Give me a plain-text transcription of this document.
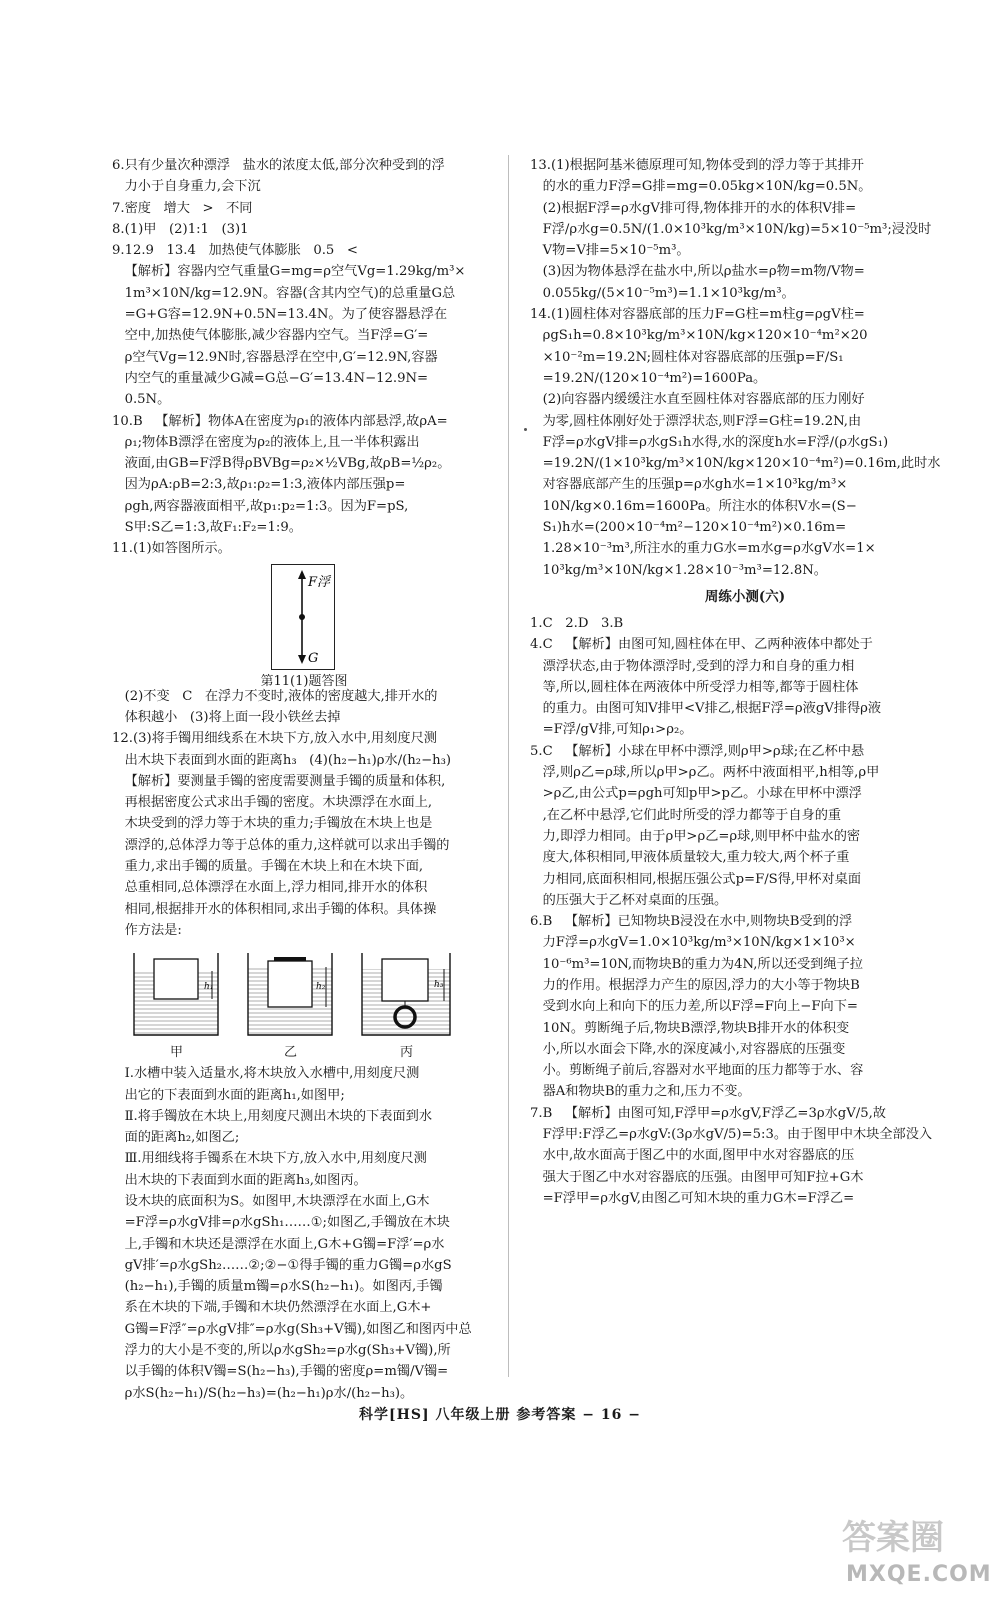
6.只有少量次种漂浮   盐水的浓度太低,部分次种受到的浮
力小于自身重力,会下沉
7.密度   增大   >   不同
8.(1)甲   (2)1:1   (3)1
9.12.9   13.4   加热使气体膨胀   0.5   <
【解析】容器内空气重量G=mg=ρ空气Vg=1.29kg/m³×
1m³×10N/kg=12.9N。容器(含其内空气)的总重量G总
=G+G容=12.9N+0.5N=13.4N。为了使容器悬浮在
空中,加热使气体膨胀,减少容器内空气。当F浮=G′=
ρ空气Vg=12.9N时,容器悬浮在空中,G′=12.9N,容器
内空气的重量减少G减=G总−G′=13.4N−12.9N=
0.5N。
10.B   【解析】物体A在密度为ρ₁的液体内部悬浮,故ρA=
ρ₁;物体B漂浮在密度为ρ₂的液体上,且一半体积露出
液面,由GB=F浮B得ρBVBg=ρ₂×½VBg,故ρB=½ρ₂。
因为ρA:ρB=2:3,故ρ₁:ρ₂=1:3,液体内部压强p=
ρgh,两容器液面相平,故p₁:p₂=1:3。因为F=pS,
S甲:S乙=1:3,故F₁:F₂=1:9。
11.(1)如答图所示。
F浮
G
第11(1)题答图
(2)不变   C   在浮力不变时,液体的密度越大,排开水的
体积越小   (3)将上面一段小铁丝去掉
12.(3)将手镯用细线系在木块下方,放入水中,用刻度尺测
出木块下表面到水面的距离h₃   (4)(h₂−h₁)ρ水/(h₂−h₃)
【解析】要测量手镯的密度需要测量手镯的质量和体积,
再根据密度公式求出手镯的密度。木块漂浮在水面上,
木块受到的浮力等于木块的重力;手镯放在木块上也是
漂浮的,总体浮力等于总体的重力,这样就可以求出手镯的
重力,求出手镯的质量。手镯在木块上和在木块下面,
总重相同,总体漂浮在水面上,浮力相同,排开水的体积
相同,根据排开水的体积相同,求出手镯的体积。具体操
作方法是:
h₁	h₂	h₃
甲	乙	丙
Ⅰ.水槽中装入适量水,将木块放入水槽中,用刻度尺测
出它的下表面到水面的距离h₁,如图甲;
Ⅱ.将手镯放在木块上,用刻度尺测出木块的下表面到水
面的距离h₂,如图乙;
Ⅲ.用细线将手镯系在木块下方,放入水中,用刻度尺测
出木块的下表面到水面的距离h₃,如图丙。
设木块的底面积为S。如图甲,木块漂浮在水面上,G木
=F浮=ρ水gV排=ρ水gSh₁……①;如图乙,手镯放在木块
上,手镯和木块还是漂浮在水面上,G木+G镯=F浮′=ρ水
gV排′=ρ水gSh₂……②;②−①得手镯的重力G镯=ρ水gS
(h₂−h₁),手镯的质量m镯=ρ水S(h₂−h₁)。如图丙,手镯
系在木块的下端,手镯和木块仍然漂浮在水面上,G木+
G镯=F浮″=ρ水gV排″=ρ水g(Sh₃+V镯),如图乙和图丙中总
浮力的大小是不变的,所以ρ水gSh₂=ρ水g(Sh₃+V镯),所
以手镯的体积V镯=S(h₂−h₃),手镯的密度ρ=m镯/V镯=
ρ水S(h₂−h₁)/S(h₂−h₃)=(h₂−h₁)ρ水/(h₂−h₃)。
13.(1)根据阿基米德原理可知,物体受到的浮力等于其排开
的水的重力F浮=G排=mg=0.05kg×10N/kg=0.5N。
(2)根据F浮=ρ水gV排可得,物体排开的水的体积V排=
F浮/ρ水g=0.5N/(1.0×10³kg/m³×10N/kg)=5×10⁻⁵m³;浸没时
V物=V排=5×10⁻⁵m³。
(3)因为物体悬浮在盐水中,所以ρ盐水=ρ物=m物/V物=
0.055kg/(5×10⁻⁵m³)=1.1×10³kg/m³。
14.(1)圆柱体对容器底部的压力F=G柱=m柱g=ρgV柱=
ρgS₁h=0.8×10³kg/m³×10N/kg×120×10⁻⁴m²×20
×10⁻²m=19.2N;圆柱体对容器底部的压强p=F/S₁
=19.2N/(120×10⁻⁴m²)=1600Pa。
(2)向容器内缓缓注水直至圆柱体对容器底部的压力刚好
为零,圆柱体刚好处于漂浮状态,则F浮=G柱=19.2N,由
F浮=ρ水gV排=ρ水gS₁h水得,水的深度h水=F浮/(ρ水gS₁)
=19.2N/(1×10³kg/m³×10N/kg×120×10⁻⁴m²)=0.16m,此时水
对容器底部产生的压强p=ρ水gh水=1×10³kg/m³×
10N/kg×0.16m=1600Pa。所注水的体积V水=(S−
S₁)h水=(200×10⁻⁴m²−120×10⁻⁴m²)×0.16m=
1.28×10⁻³m³,所注水的重力G水=m水g=ρ水gV水=1×
10³kg/m³×10N/kg×1.28×10⁻³m³=12.8N。
周练小测(六)
1.C   2.D   3.B
4.C   【解析】由图可知,圆柱体在甲、乙两种液体中都处于
漂浮状态,由于物体漂浮时,受到的浮力和自身的重力相
等,所以,圆柱体在两液体中所受浮力相等,都等于圆柱体
的重力。由图可知V排甲<V排乙,根据F浮=ρ液gV排得ρ液
=F浮/gV排,可知ρ₁>ρ₂。
5.C   【解析】小球在甲杯中漂浮,则ρ甲>ρ球;在乙杯中悬
浮,则ρ乙=ρ球,所以ρ甲>ρ乙。两杯中液面相平,h相等,ρ甲
>ρ乙,由公式p=ρgh可知p甲>p乙。小球在甲杯中漂浮
,在乙杯中悬浮,它们此时所受的浮力都等于自身的重
力,即浮力相同。由于ρ甲>ρ乙=ρ球,则甲杯中盐水的密
度大,体积相同,甲液体质量较大,重力较大,两个杯子重
力相同,底面积相同,根据压强公式p=F/S得,甲杯对桌面
的压强大于乙杯对桌面的压强。
6.B   【解析】已知物块B浸没在水中,则物块B受到的浮
力F浮=ρ水gV=1.0×10³kg/m³×10N/kg×1×10³×
10⁻⁶m³=10N,而物块B的重力为4N,所以还受到绳子拉
力的作用。根据浮力产生的原因,浮力的大小等于物块B
受到水向上和向下的压力差,所以F浮=F向上−F向下=
10N。剪断绳子后,物块B漂浮,物块B排开水的体积变
小,所以水面会下降,水的深度减小,对容器底的压强变
小。剪断绳子前后,容器对水平地面的压力都等于水、容
器A和物块B的重力之和,压力不变。
7.B   【解析】由图可知,F浮甲=ρ水gV,F浮乙=3ρ水gV/5,故
F浮甲:F浮乙=ρ水gV:(3ρ水gV/5)=5:3。由于图甲中木块全部没入
水中,故水面高于图乙中的水面,图甲中水对容器底的压
强大于图乙中水对容器底的压强。由图甲可知F拉+G木
=F浮甲=ρ水gV,由图乙可知木块的重力G木=F浮乙=
科学[HS] 八年级上册 参考答案 − 16 −
答案圈
MXQE.COM
